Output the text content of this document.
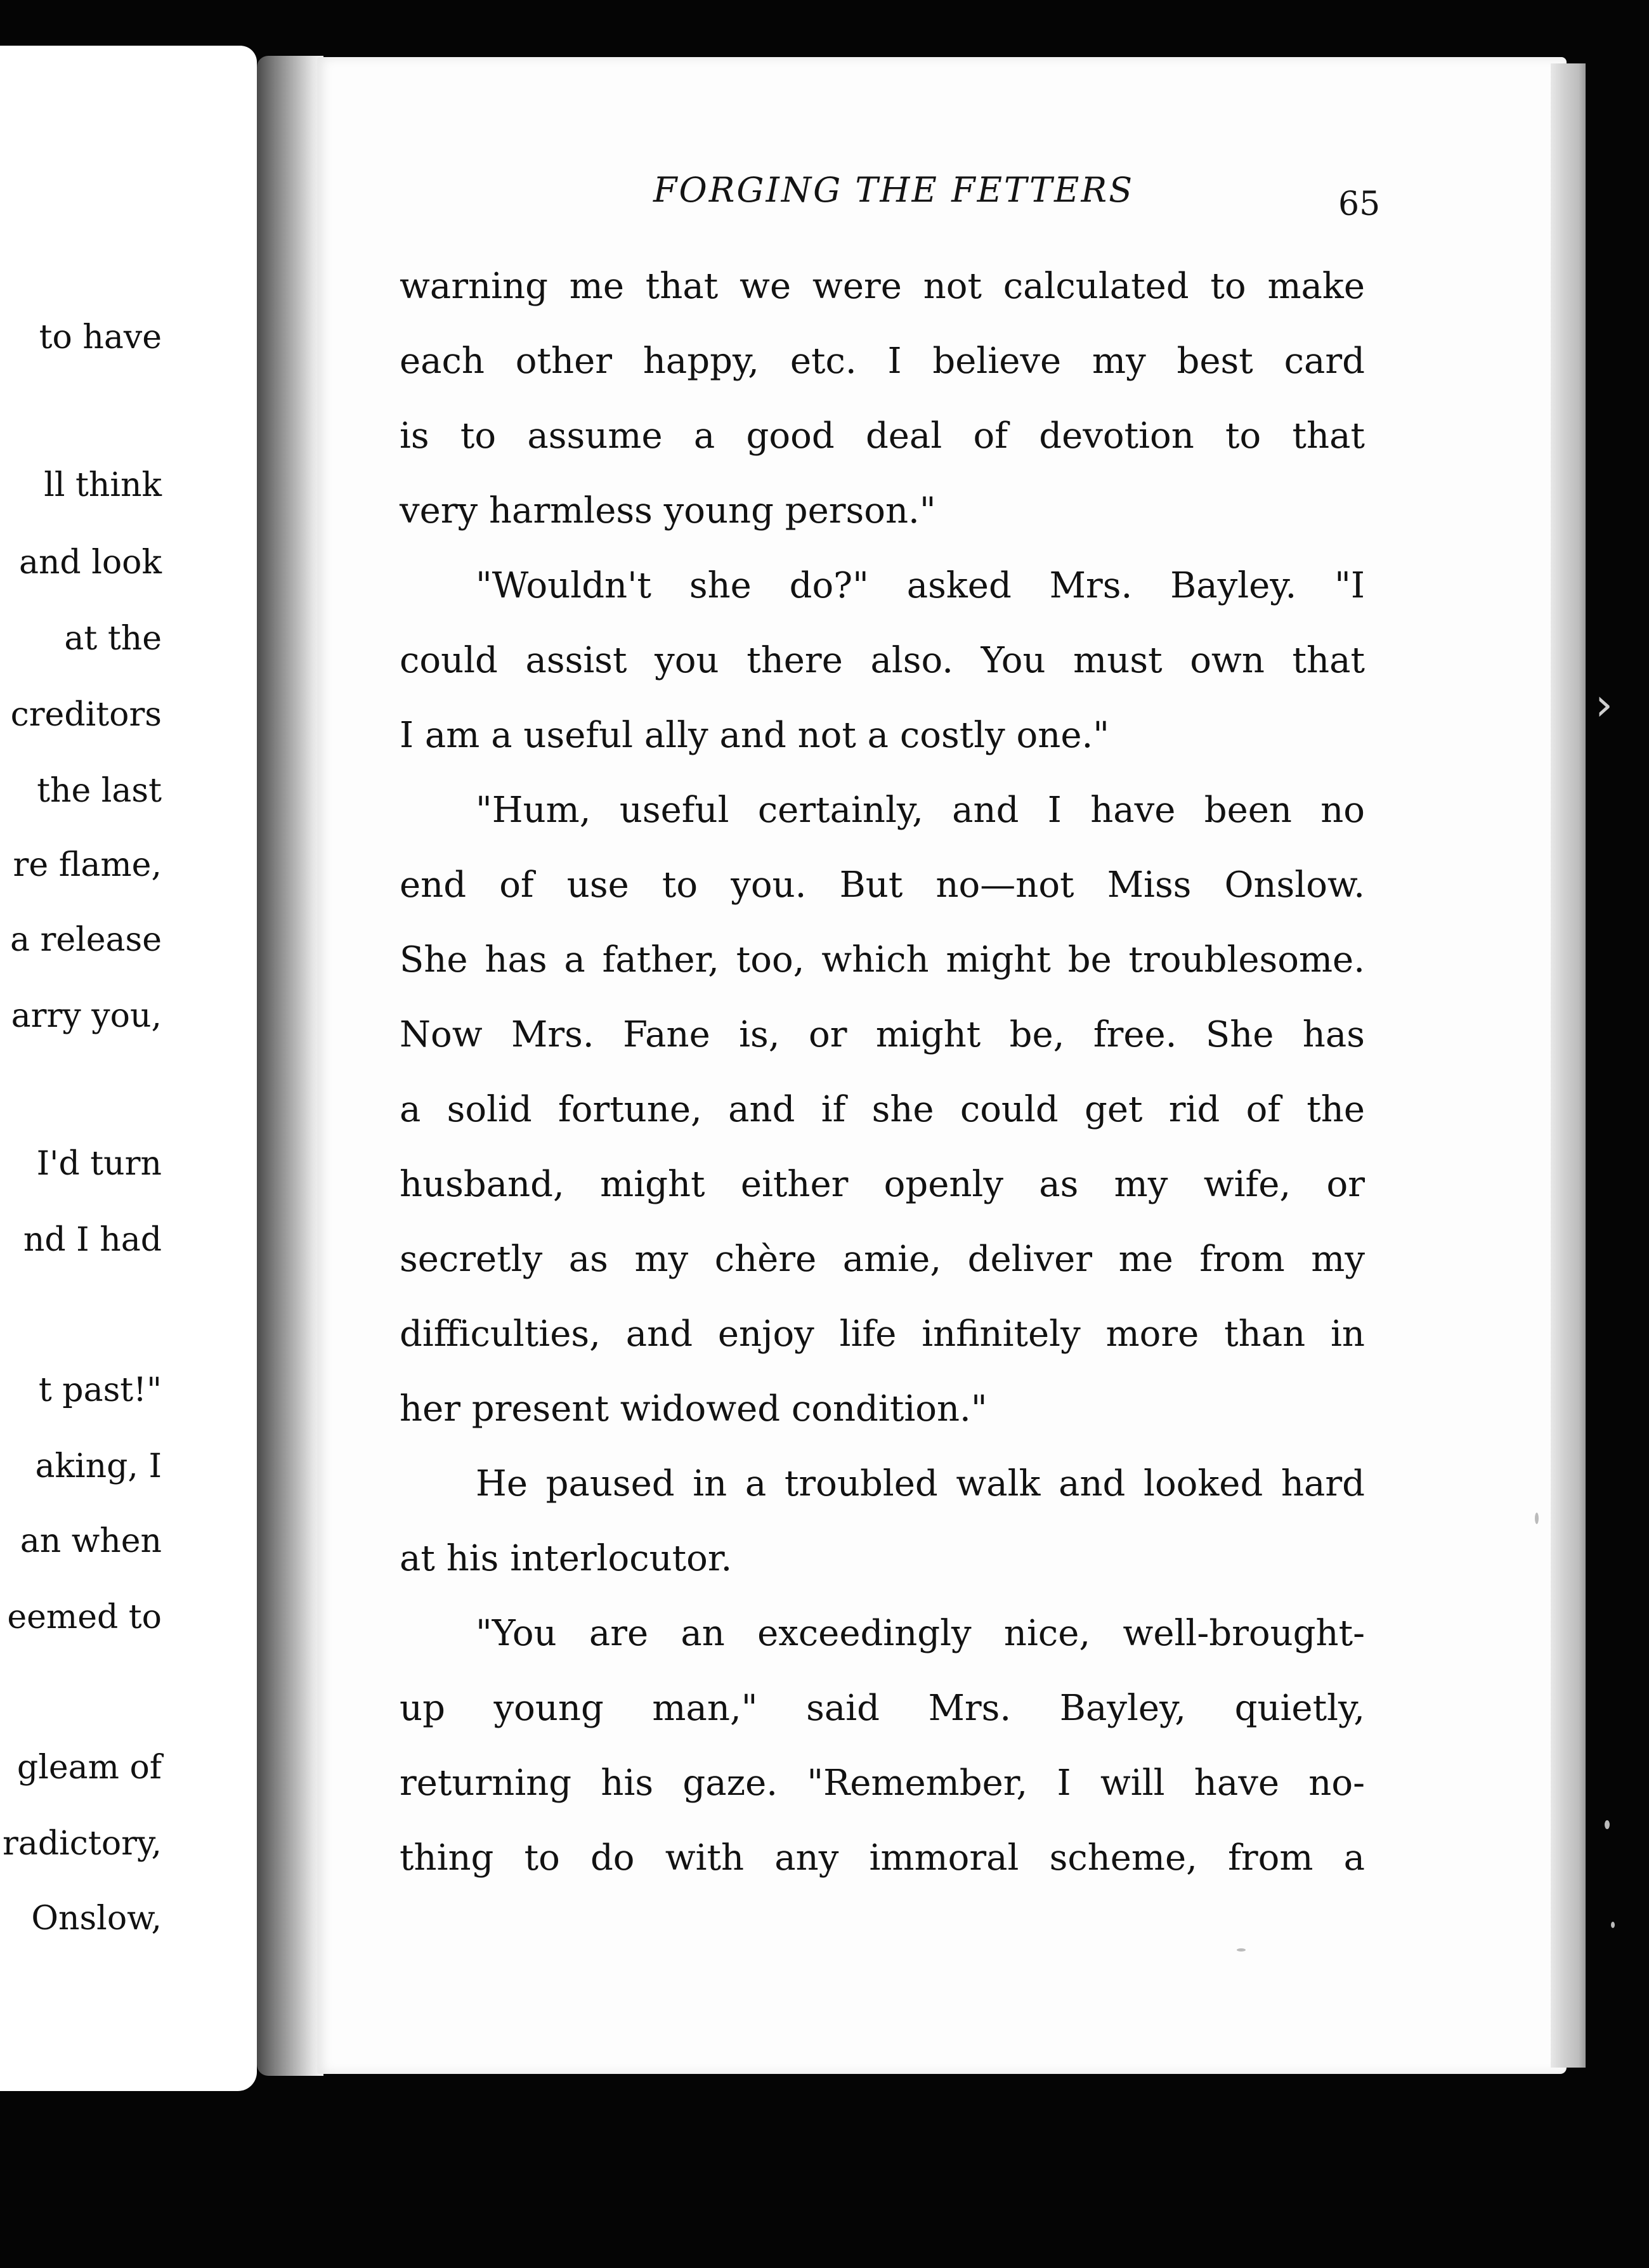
to have
ll think
and look
at the
creditors
the last
re flame,
a release
arry you,
I'd turn
nd I had
t past!"
aking, I
an when
eemed to
gleam of
radictory,
Onslow,
FORGING THE FETTERS	65
warning me that we were not calculated to make
each other happy, etc. I believe my best card
is to assume a good deal of devotion to that
very harmless young person."
"Wouldn't she do?" asked Mrs. Bayley. "I
could assist you there also. You must own that
I am a useful ally and not a costly one."
"Hum, useful certainly, and I have been no
end of use to you. But no—not Miss Onslow.
She has a father, too, which might be troublesome.
Now Mrs. Fane is, or might be, free. She has
a solid fortune, and if she could get rid of the
husband, might either openly as my wife, or
secretly as my chère amie, deliver me from my
difficulties, and enjoy life infinitely more than in
her present widowed condition."
He paused in a troubled walk and looked hard
at his interlocutor.
"You are an exceedingly nice, well-brought-
up young man," said Mrs. Bayley, quietly,
returning his gaze. "Remember, I will have no-
thing to do with any immoral scheme, from a
›
